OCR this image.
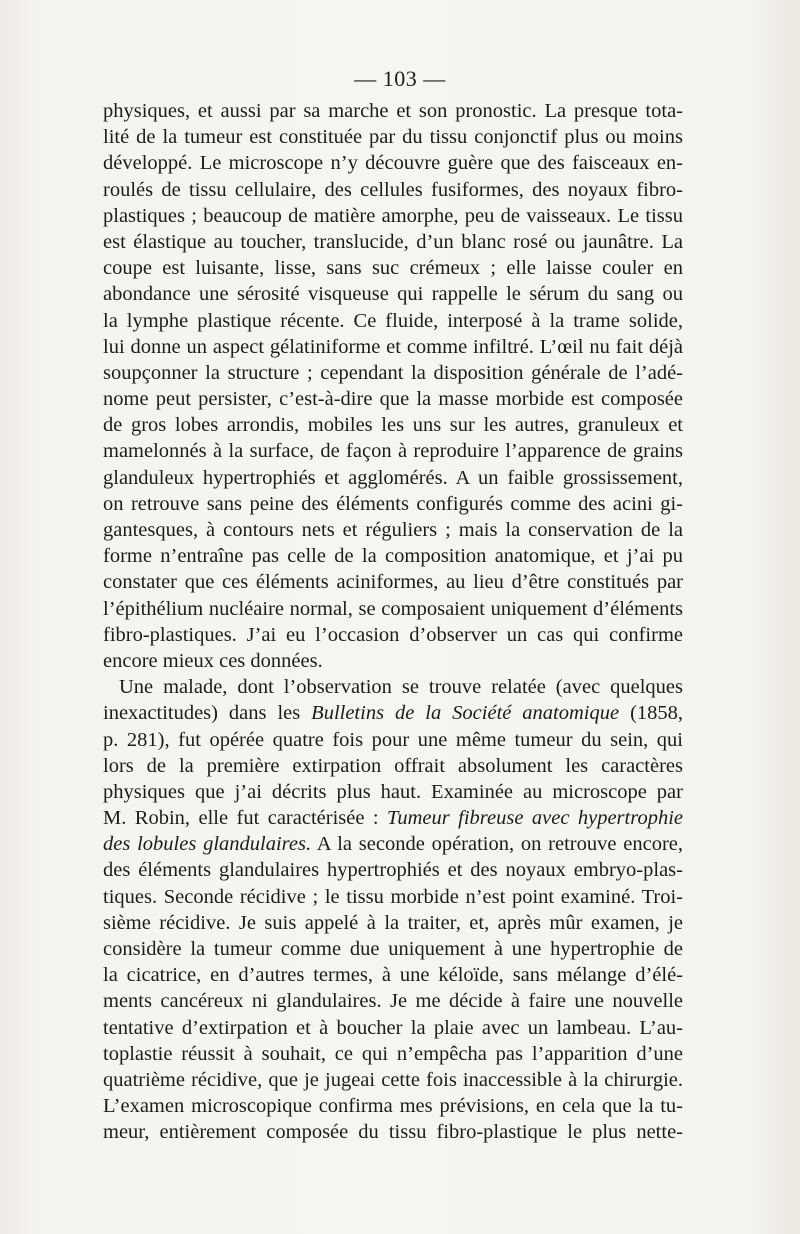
— 103 —
physiques, et aussi par sa marche et son pronostic. La presque tota-
lité de la tumeur est constituée par du tissu conjonctif plus ou moins
développé. Le microscope n’y découvre guère que des faisceaux en-
roulés de tissu cellulaire, des cellules fusiformes, des noyaux fibro-
plastiques ; beaucoup de matière amorphe, peu de vaisseaux. Le tissu
est élastique au toucher, translucide, d’un blanc rosé ou jaunâtre. La
coupe est luisante, lisse, sans suc crémeux ; elle laisse couler en
abondance une sérosité visqueuse qui rappelle le sérum du sang ou
la lymphe plastique récente. Ce fluide, interposé à la trame solide,
lui donne un aspect gélatiniforme et comme infiltré. L’œil nu fait déjà
soupçonner la structure ; cependant la disposition générale de l’adé-
nome peut persister, c’est-à-dire que la masse morbide est composée
de gros lobes arrondis, mobiles les uns sur les autres, granuleux et
mamelonnés à la surface, de façon à reproduire l’apparence de grains
glanduleux hypertrophiés et agglomérés. A un faible grossissement,
on retrouve sans peine des éléments configurés comme des acini gi-
gantesques, à contours nets et réguliers ; mais la conservation de la
forme n’entraîne pas celle de la composition anatomique, et j’ai pu
constater que ces éléments aciniformes, au lieu d’être constitués par
l’épithélium nucléaire normal, se composaient uniquement d’éléments
fibro-plastiques. J’ai eu l’occasion d’observer un cas qui confirme
encore mieux ces données.
Une malade, dont l’observation se trouve relatée (avec quelques
inexactitudes) dans les Bulletins de la Société anatomique (1858,
p. 281), fut opérée quatre fois pour une même tumeur du sein, qui
lors de la première extirpation offrait absolument les caractères
physiques que j’ai décrits plus haut. Examinée au microscope par
M. Robin, elle fut caractérisée : Tumeur fibreuse avec hypertrophie
des lobules glandulaires. A la seconde opération, on retrouve encore,
des éléments glandulaires hypertrophiés et des noyaux embryo-plas-
tiques. Seconde récidive ; le tissu morbide n’est point examiné. Troi-
sième récidive. Je suis appelé à la traiter, et, après mûr examen, je
considère la tumeur comme due uniquement à une hypertrophie de
la cicatrice, en d’autres termes, à une kéloïde, sans mélange d’élé-
ments cancéreux ni glandulaires. Je me décide à faire une nouvelle
tentative d’extirpation et à boucher la plaie avec un lambeau. L’au-
toplastie réussit à souhait, ce qui n’empêcha pas l’apparition d’une
quatrième récidive, que je jugeai cette fois inaccessible à la chirurgie.
L’examen microscopique confirma mes prévisions, en cela que la tu-
meur, entièrement composée du tissu fibro-plastique le plus nette-
